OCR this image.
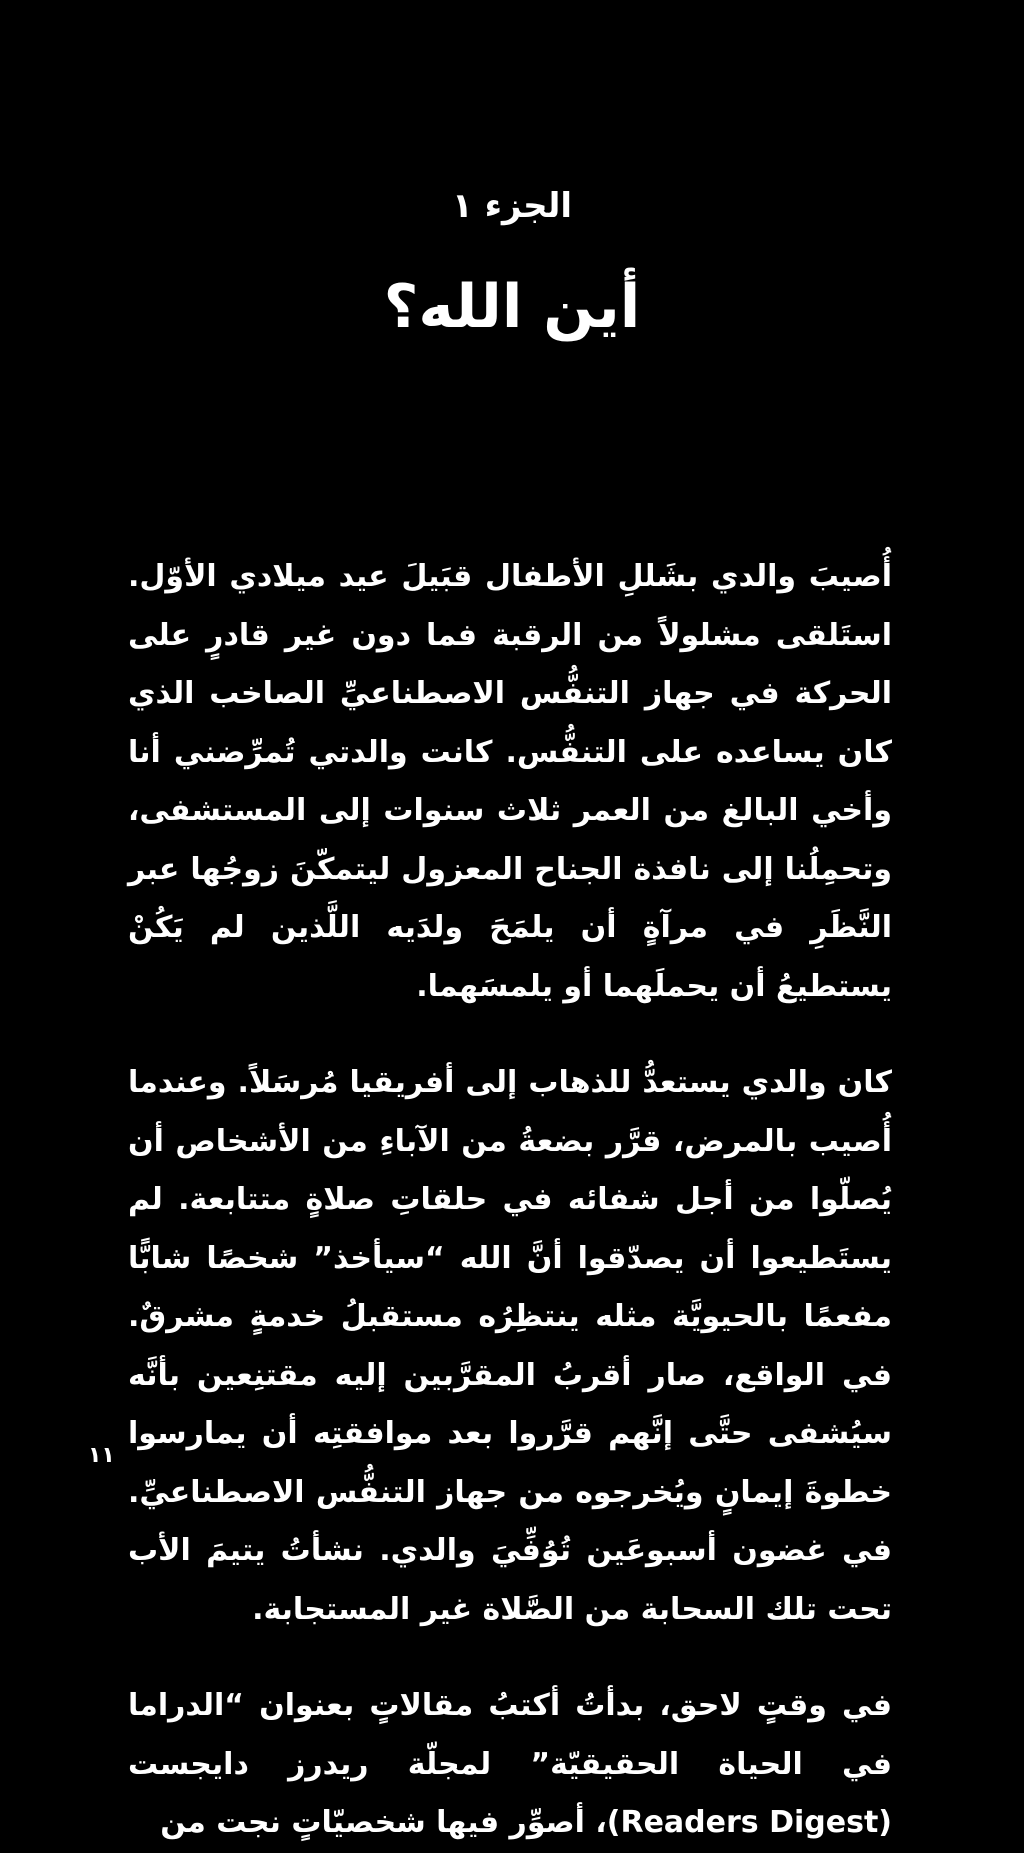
الجزء ١
أين الله؟

أُصيبَ والدي بشَللِ الأطفال قبَيلَ عيد ميلادي الأوّل. استَلقى مشلولاً من الرقبة فما دون غير قادرٍ على الحركة في جهاز التنفُّس الاصطناعيِّ الصاخب الذي كان يساعده على التنفُّس. كانت والدتي تُمرِّضني أنا وأخي البالغ من العمر ثلاث سنوات إلى المستشفى، وتحمِلُنا إلى نافذة الجناح المعزول ليتمكّنَ زوجُها عبر النَّظَرِ في مرآةٍ أن يلمَحَ ولدَيه اللَّذين لم يَكُنْ يستطيعُ أن يحملَهما أو يلمسَهما.

كان والدي يستعدُّ للذهاب إلى أفريقيا مُرسَلاً. وعندما أُصيب بالمرض، قرَّر بضعةُ من الآباءِ من الأشخاص أن يُصلّوا من أجل شفائه في حلقاتِ صلاةٍ متتابعة. لم يستَطيعوا أن يصدّقوا أنَّ الله “سيأخذ” شخصًا شابًّا مفعمًا بالحيويَّة مثله ينتظِرُه مستقبلُ خدمةٍ مشرقٌ. في الواقع، صار أقربُ المقرَّبين إليه مقتنِعين بأنَّه سيُشفى حتَّى إنَّهم قرَّروا بعد موافقتِه أن يمارسوا خطوةَ إيمانٍ ويُخرجوه من جهاز التنفُّس الاصطناعيِّ. في غضون أسبوعَين تُوُفِّيَ والدي. نشأتُ يتيمَ الأب تحت تلك السحابة من الصَّلاة غير المستجابة.

في وقتٍ لاحق، بدأتُ أكتبُ مقالاتٍ بعنوان “الدراما في الحياة الحقيقيّة” لمجلّة ريدرز دايجست (Readers Digest)، أصوِّر فيها شخصيّاتٍ نجت من

١١
